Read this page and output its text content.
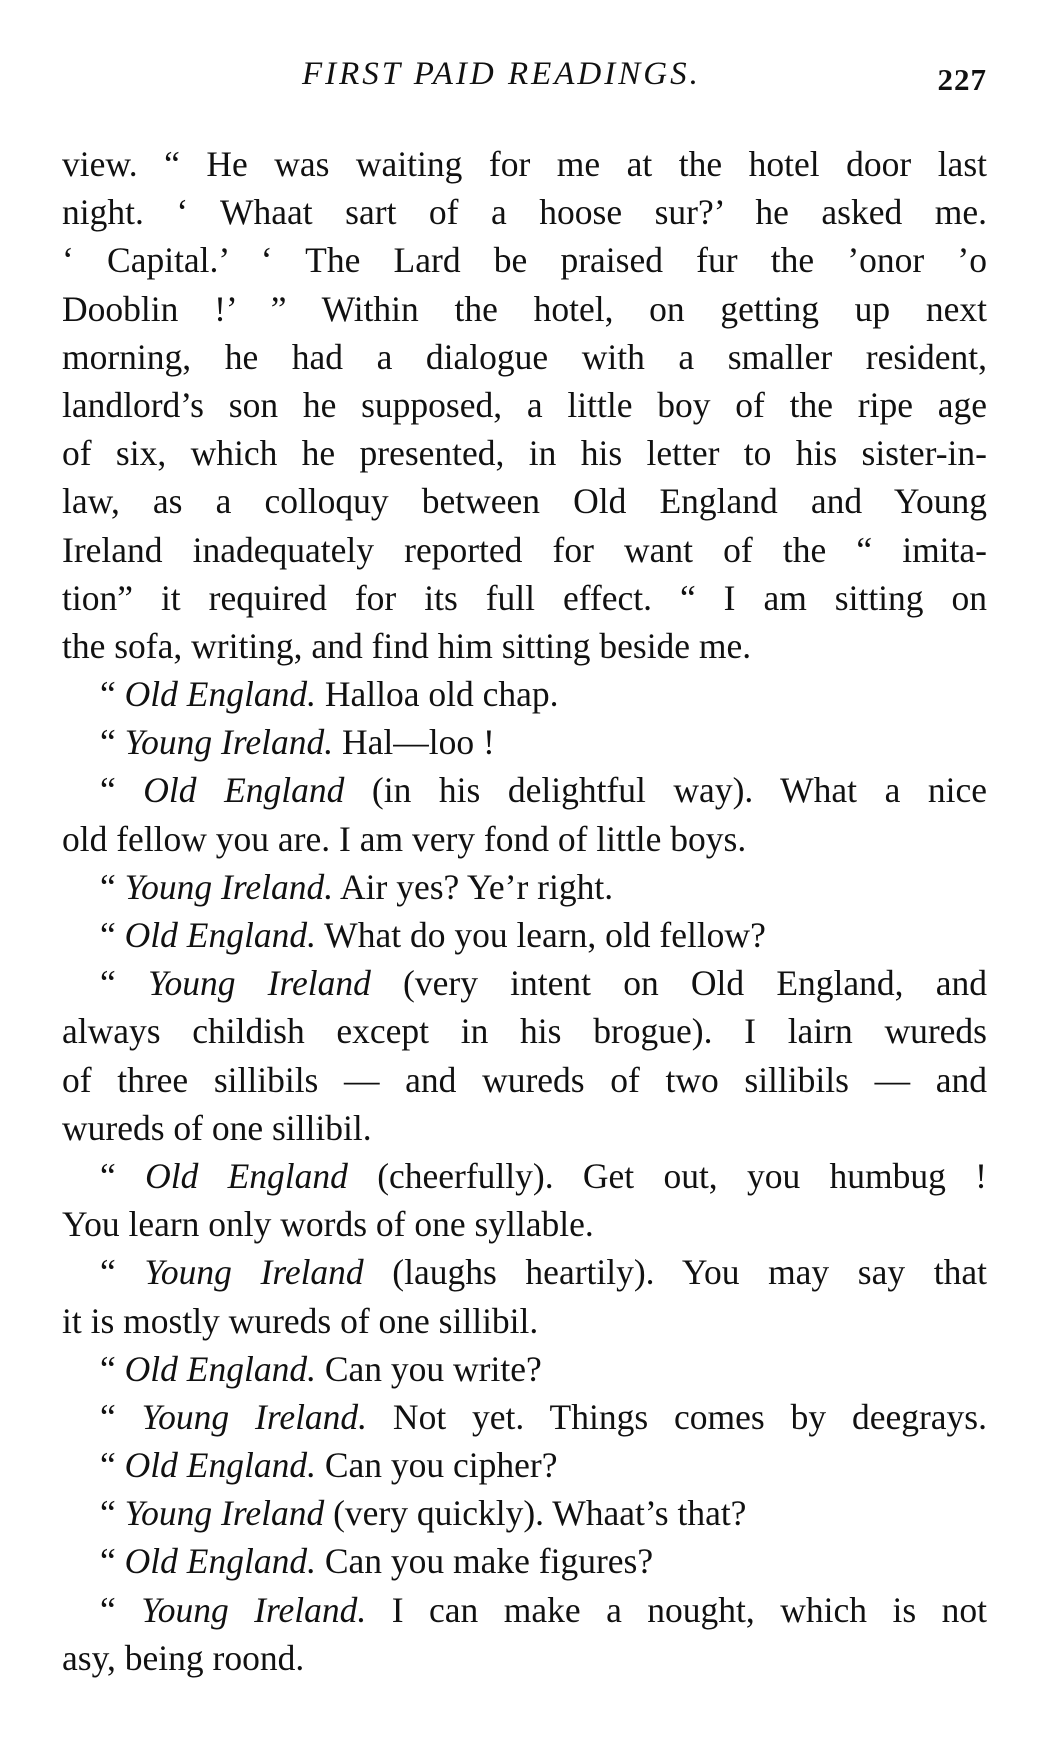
FIRST PAID READINGS.	227
view. “ He was waiting for me at the hotel door last
night. ‘ Whaat sart of a hoose sur?’ he asked me.
‘ Capital.’ ‘ The Lard be praised fur the ’onor ’o
Dooblin !’ ” Within the hotel, on getting up next
morning, he had a dialogue with a smaller resident,
landlord’s son he supposed, a little boy of the ripe age
of six, which he presented, in his letter to his sister-in-
law, as a colloquy between Old England and Young
Ireland inadequately reported for want of the “ imita-
tion” it required for its full effect. “ I am sitting on
the sofa, writing, and find him sitting beside me.
“ Old England. Halloa old chap.
“ Young Ireland. Hal—loo !
“ Old England (in his delightful way). What a nice
old fellow you are. I am very fond of little boys.
“ Young Ireland. Air yes? Ye’r right.
“ Old England. What do you learn, old fellow?
“ Young Ireland (very intent on Old England, and
always childish except in his brogue). I lairn wureds
of three sillibils — and wureds of two sillibils — and
wureds of one sillibil.
“ Old England (cheerfully). Get out, you humbug !
You learn only words of one syllable.
“ Young Ireland (laughs heartily). You may say that
it is mostly wureds of one sillibil.
“ Old England. Can you write?
“ Young Ireland. Not yet. Things comes by deegrays.
“ Old England. Can you cipher?
“ Young Ireland (very quickly). Whaat’s that?
“ Old England. Can you make figures?
“ Young Ireland. I can make a nought, which is not
asy, being roond.
